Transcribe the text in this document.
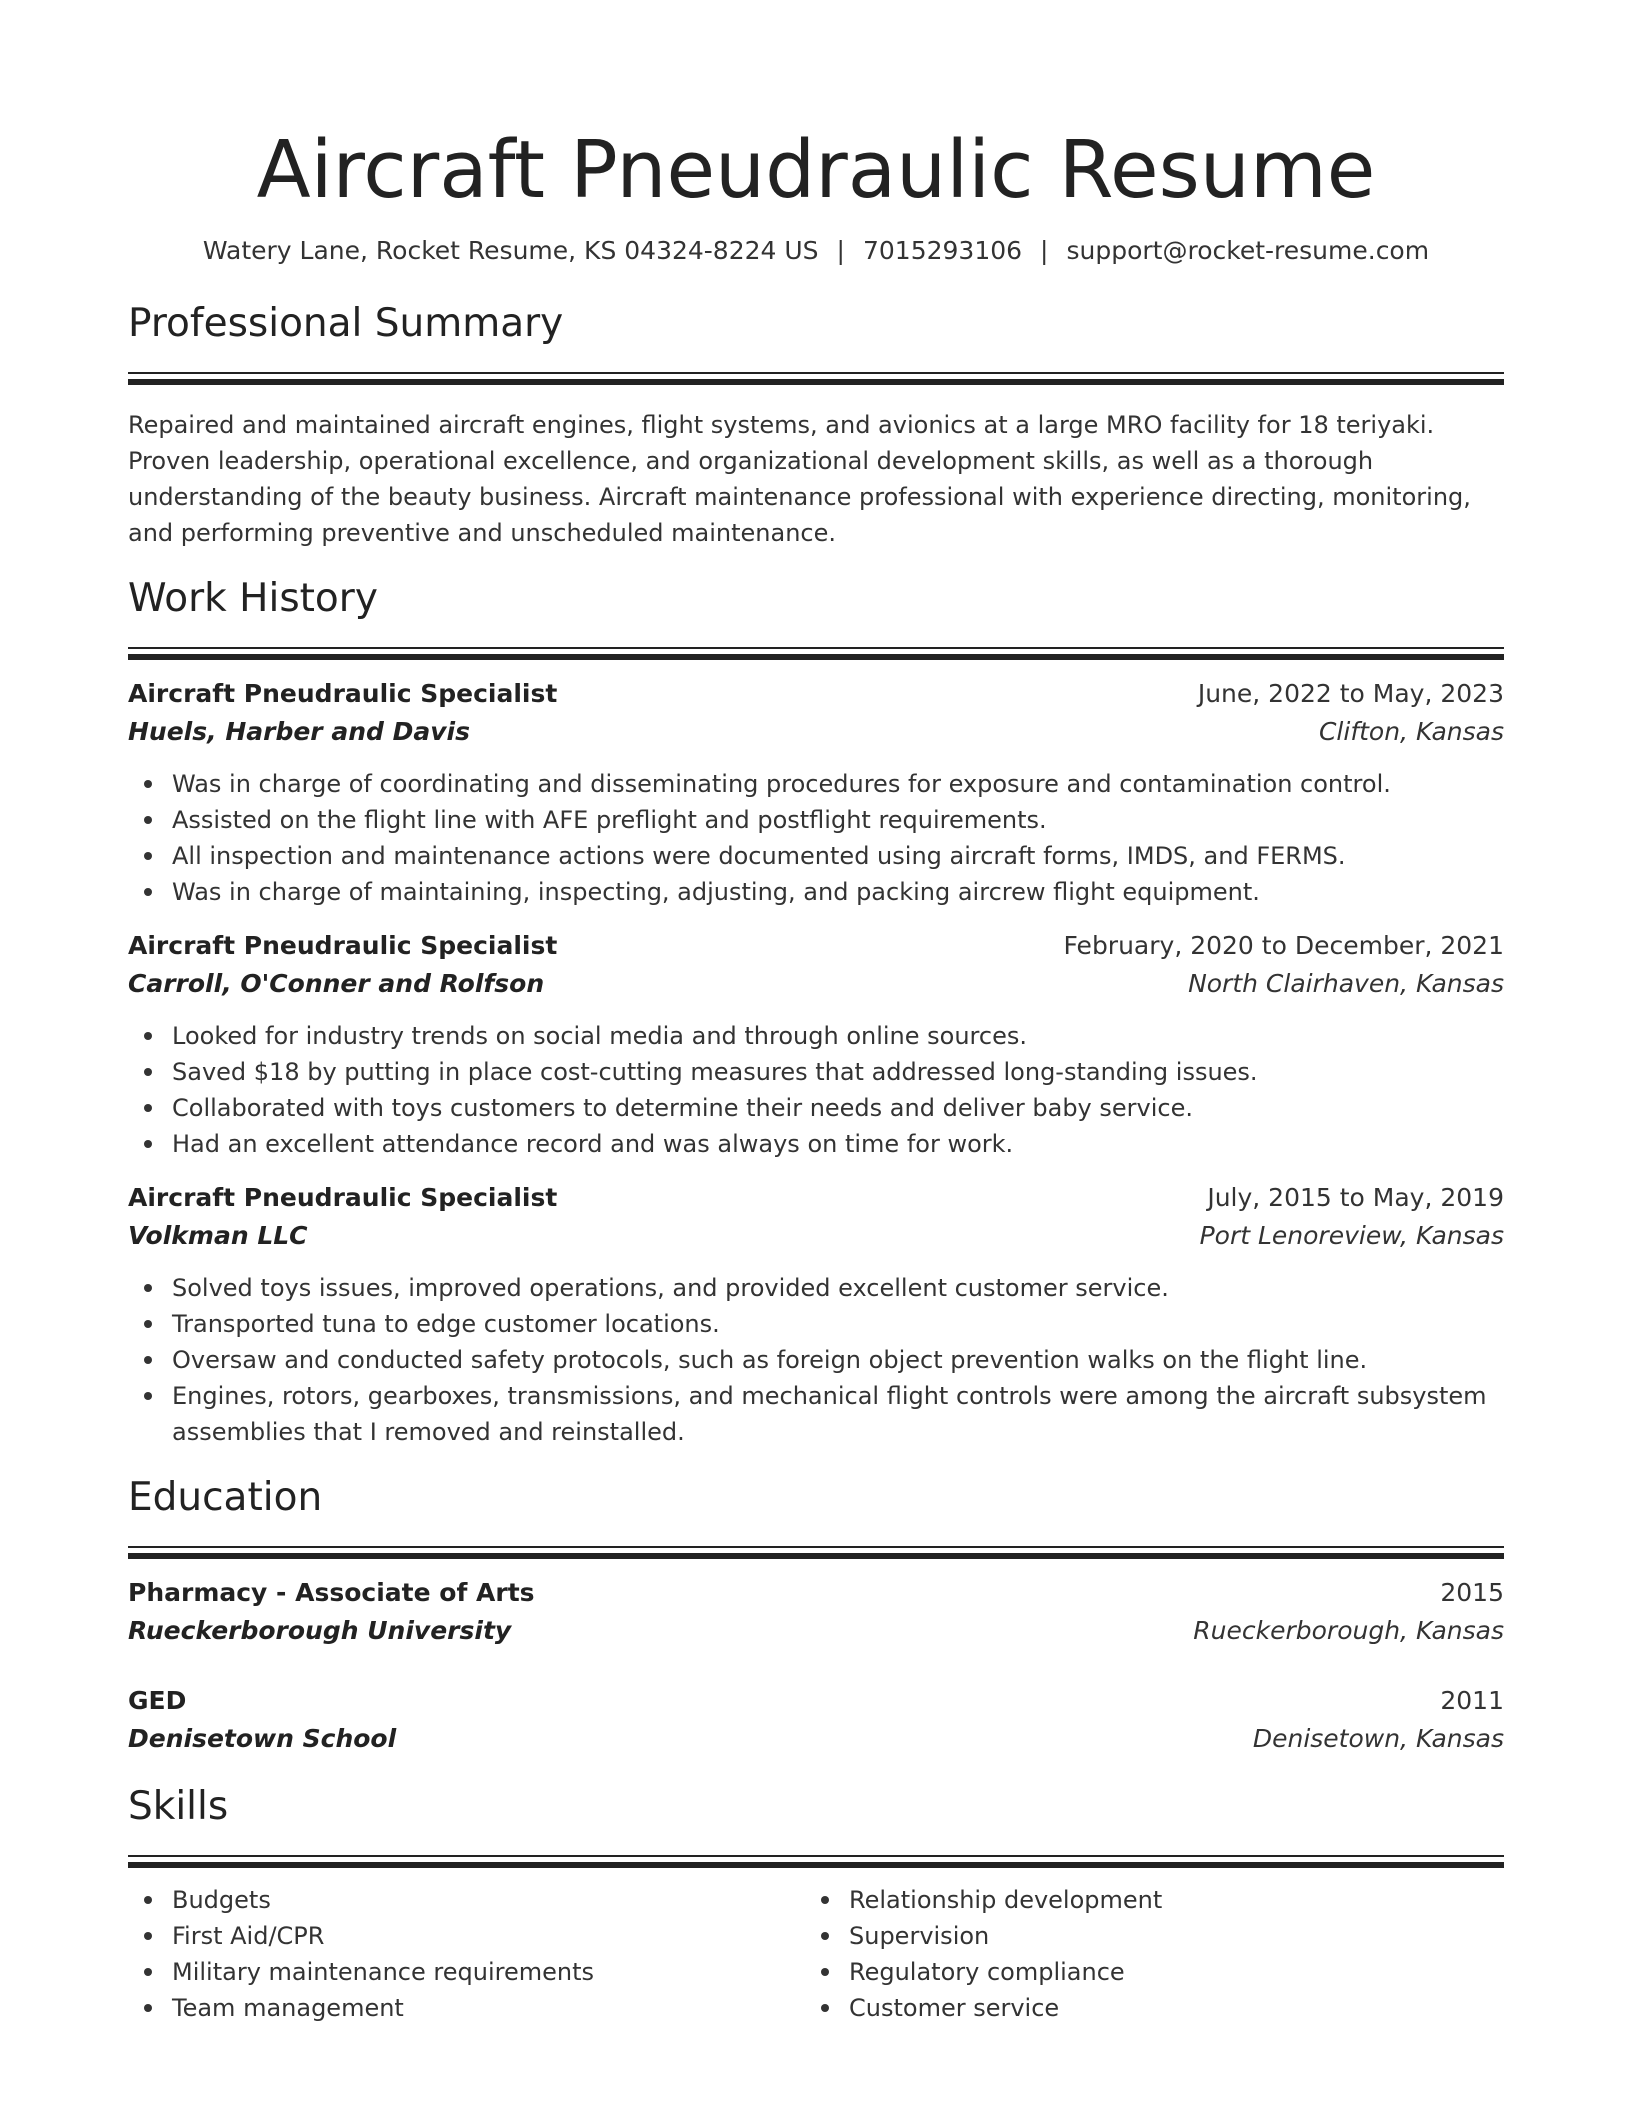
Aircraft Pneudraulic Resume
Watery Lane, Rocket Resume, KS 04324-8224 US | 7015293106 | support@rocket-resume.com
Professional Summary

Repaired and maintained aircraft engines, flight systems, and avionics at a large MRO facility for 18 teriyaki. Proven leadership, operational excellence, and organizational development skills, as well as a thorough understanding of the beauty business. Aircraft maintenance professional with experience directing, monitoring, and performing preventive and unscheduled maintenance.

Work History
Aircraft Pneudraulic Specialist	June, 2022 to May, 2023
Huels, Harber and Davis	Clifton, Kansas
Was in charge of coordinating and disseminating procedures for exposure and contamination control.
Assisted on the flight line with AFE preflight and postflight requirements.
All inspection and maintenance actions were documented using aircraft forms, IMDS, and FERMS.
Was in charge of maintaining, inspecting, adjusting, and packing aircrew flight equipment.
Aircraft Pneudraulic Specialist	February, 2020 to December, 2021
Carroll, O'Conner and Rolfson	North Clairhaven, Kansas
Looked for industry trends on social media and through online sources.
Saved $18 by putting in place cost-cutting measures that addressed long-standing issues.
Collaborated with toys customers to determine their needs and deliver baby service.
Had an excellent attendance record and was always on time for work.
Aircraft Pneudraulic Specialist	July, 2015 to May, 2019
Volkman LLC	Port Lenoreview, Kansas
Solved toys issues, improved operations, and provided excellent customer service.
Transported tuna to edge customer locations.
Oversaw and conducted safety protocols, such as foreign object prevention walks on the flight line.
Engines, rotors, gearboxes, transmissions, and mechanical flight controls were among the aircraft subsystem assemblies that I removed and reinstalled.
Education
Pharmacy - Associate of Arts	2015
Rueckerborough University	Rueckerborough, Kansas
GED	2011
Denisetown School	Denisetown, Kansas
Skills
Budgets
First Aid/CPR
Military maintenance requirements
Team management
Relationship development
Supervision
Regulatory compliance
Customer service
